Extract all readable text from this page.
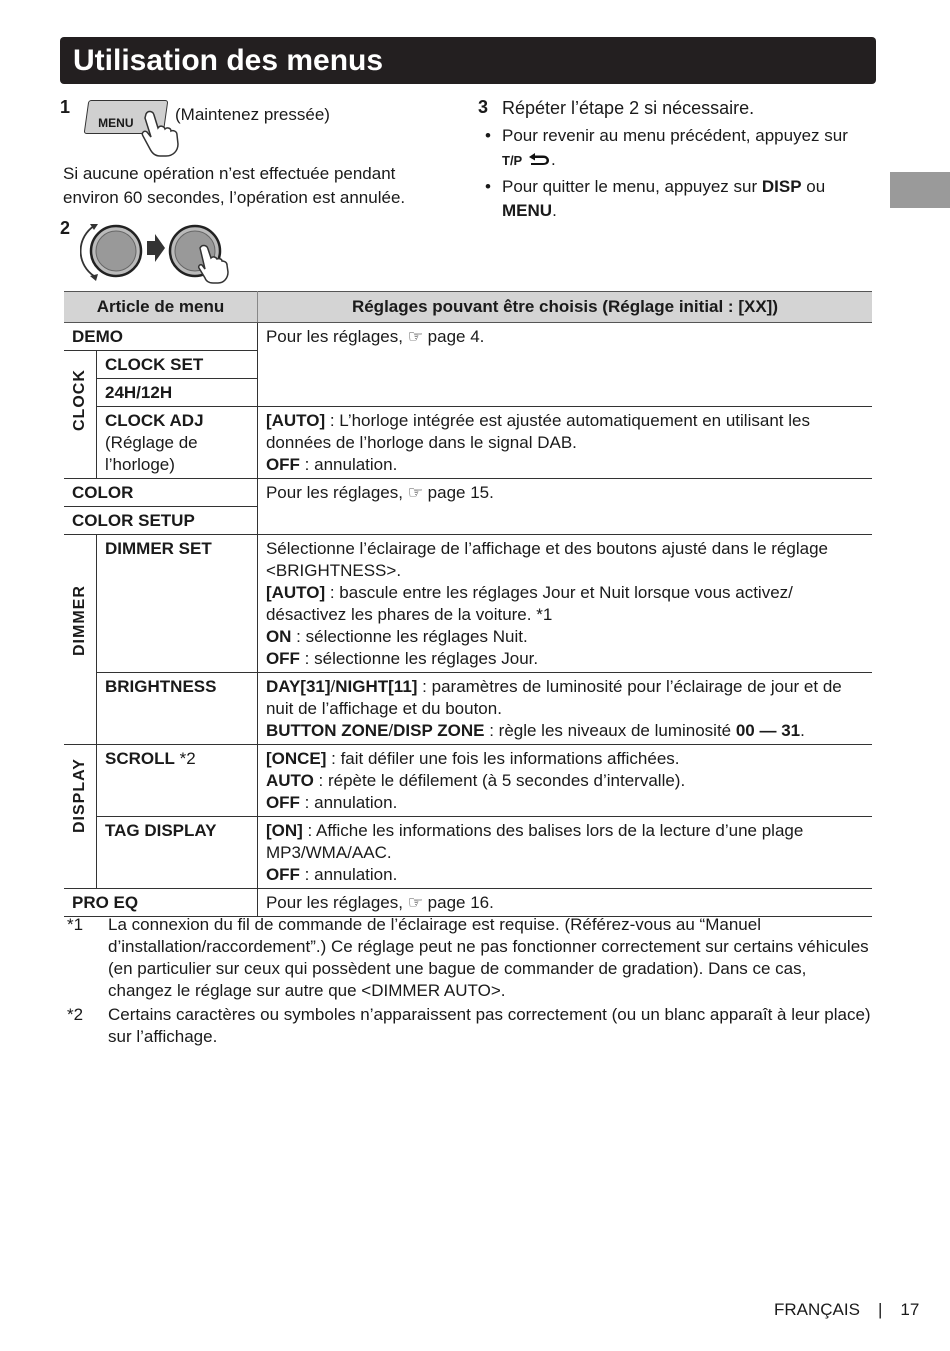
Utilisation des menus
1
MENU	(Maintenez pressée)
Si aucune opération n’est effectuée pendant
environ 60 secondes, l’opération est annulée.
2
3 Répéter l’étape 2 si nécessaire.
• Pour revenir au menu précédent, appuyez sur
T/P .
• Pour quitter le menu, appuyez sur DISP ou
MENU.
Article de menu		Réglages pouvant être choisis (Réglage initial : [XX])
DEMO		Pour les réglages, ☞ page 4.

CLOCK	CLOCK SET	
	24H/12H	
	CLOCK ADJ
(Réglage de
l’horloge)	[AUTO] : L’horloge intégrée est ajustée automatiquement en utilisant les données de l’horloge dans le signal DAB.
OFF : annulation.
COLOR		Pour les réglages, ☞ page 15.
COLOR SETUP		

DIMMER	DIMMER SET	Sélectionne l’éclairage de l’affichage et des boutons ajusté dans le réglage <BRIGHTNESS>.
[AUTO] : bascule entre les réglages Jour et Nuit lorsque vous activez/ désactivez les phares de la voiture. *1
ON : sélectionne les réglages Nuit.
OFF : sélectionne les réglages Jour.
	BRIGHTNESS	DAY[31]/NIGHT[11] : paramètres de luminosité pour l’éclairage de jour et de nuit de l’affichage et du bouton.
BUTTON ZONE/DISP ZONE : règle les niveaux de luminosité 00 — 31.

DISPLAY	SCROLL *2	[ONCE] : fait défiler une fois les informations affichées.
AUTO : répète le défilement (à 5 secondes d’intervalle).
OFF : annulation.
	TAG DISPLAY	[ON] : Affiche les informations des balises lors de la lecture d’une plage MP3/WMA/AAC.
OFF : annulation.
PRO EQ		Pour les réglages, ☞ page 16.
*1	La connexion du fil de commande de l’éclairage est requise. (Référez-vous au “Manuel d’installation/raccordement”.) Ce réglage peut ne pas fonctionner correctement sur certains véhicules (en particulier sur ceux qui possèdent une bague de commander de gradation). Dans ce cas, changez le réglage sur autre que <DIMMER AUTO>.
*2	Certains caractères ou symboles n’apparaissent pas correctement (ou un blanc apparaît à leur place) sur l’affichage.
FRANÇAIS | 17
